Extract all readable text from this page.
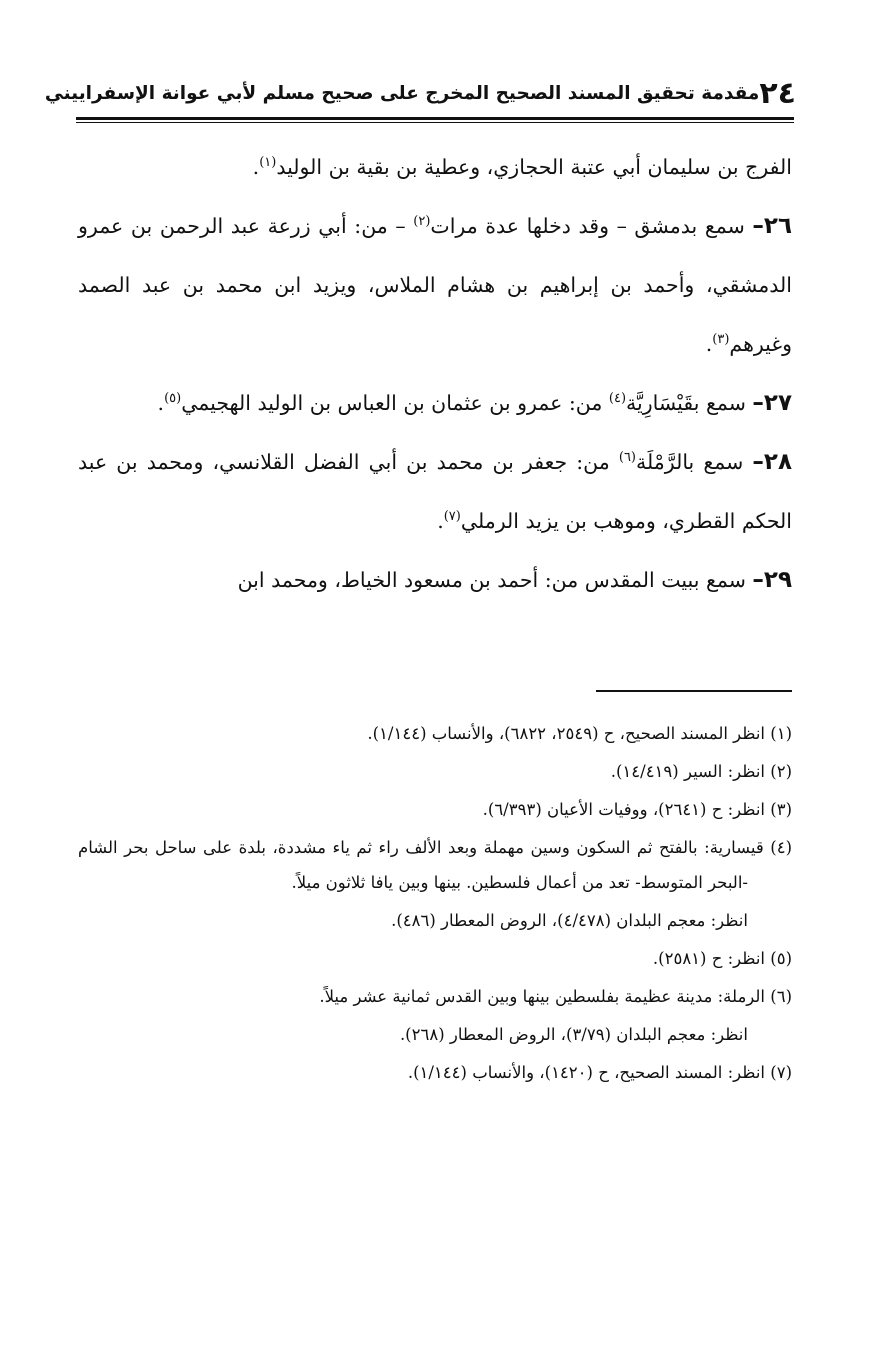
٢٤
مقدمة تحقيق المسند الصحيح المخرج على صحيح مسلم لأبي عوانة الإسفراييني

الفرج بن سليمان أبي عتبة الحجازي، وعطية بن بقية بن الوليد$^{(١)}$.

٢٦– سمع بدمشق – وقد دخلها عدة مرات$^{(٢)}$ – من: أبي زرعة عبد الرحمن بن عمرو الدمشقي، وأحمد بن إبراهيم بن هشام الملاس، ويزيد ابن محمد بن عبد الصمد وغيرهم$^{(٣)}$.

٢٧– سمع بقَيْسَارِيَّة$^{(٤)}$ من: عمرو بن عثمان بن العباس بن الوليد الهجيمي$^{(٥)}$.

٢٨– سمع بالرَّمْلَة$^{(٦)}$ من: جعفر بن محمد بن أبي الفضل القلانسي، ومحمد بن عبد الحكم القطري، وموهب بن يزيد الرملي$^{(٧)}$.

٢٩– سمع ببيت المقدس من: أحمد بن مسعود الخياط، ومحمد ابن

(١) انظر المسند الصحيح، ح (٢٥٤٩، ٦٨٢٢)، والأنساب (١/١٤٤).

(٢) انظر: السير (١٤/٤١٩).

(٣) انظر: ح (٢٦٤١)، ووفيات الأعيان (٦/٣٩٣).

(٤) قيسارية: بالفتح ثم السكون وسين مهملة وبعد الألف راء ثم ياء مشددة، بلدة على ساحل بحر الشام -البحر المتوسط- تعد من أعمال فلسطين. بينها وبين يافا ثلاثون ميلاً.

انظر: معجم البلدان (٤/٤٧٨)، الروض المعطار (٤٨٦).

(٥) انظر: ح (٢٥٨١).

(٦) الرملة: مدينة عظيمة بفلسطين بينها وبين القدس ثمانية عشر ميلاً.

انظر: معجم البلدان (٣/٧٩)، الروض المعطار (٢٦٨).

(٧) انظر: المسند الصحيح، ح (١٤٢٠)، والأنساب (١/١٤٤).
